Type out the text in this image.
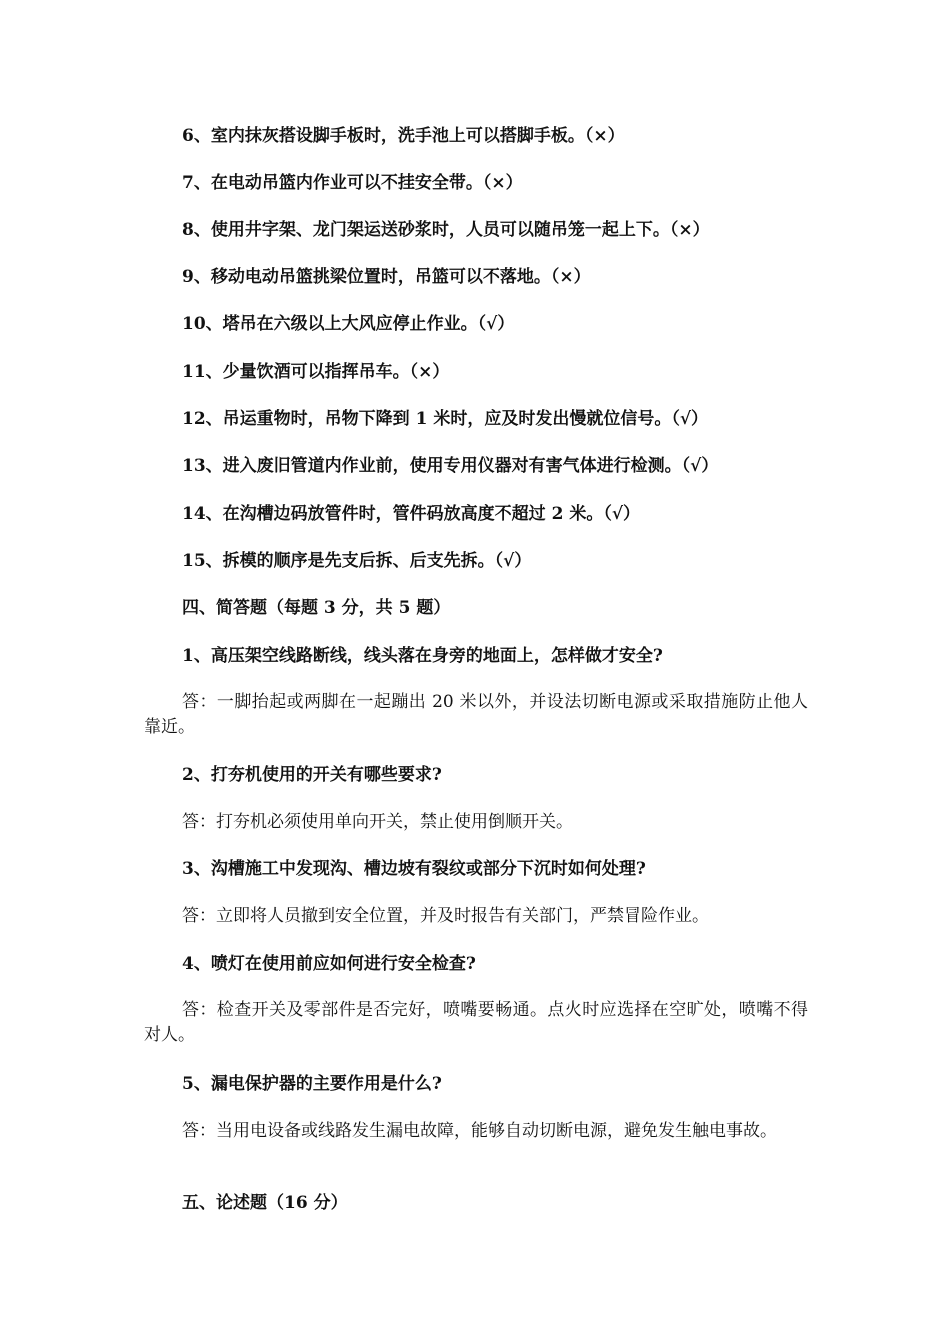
6、室内抹灰搭设脚手板时，洗手池上可以搭脚手板。（×）
7、在电动吊篮内作业可以不挂安全带。（×）
8、使用井字架、龙门架运送砂浆时，人员可以随吊笼一起上下。（×）
9、移动电动吊篮挑梁位置时，吊篮可以不落地。（×）
10、塔吊在六级以上大风应停止作业。（√）
11、少量饮酒可以指挥吊车。（×）
12、吊运重物时，吊物下降到 1 米时，应及时发出慢就位信号。（√）
13、进入废旧管道内作业前，使用专用仪器对有害气体进行检测。（√）
14、在沟槽边码放管件时，管件码放高度不超过 2 米。（√）
15、拆模的顺序是先支后拆、后支先拆。（√）
四、简答题（每题 3 分，共 5 题）
1、高压架空线路断线，线头落在身旁的地面上，怎样做才安全?
答：一脚抬起或两脚在一起蹦出 20 米以外，并设法切断电源或采取措施防止他人靠近。
2、打夯机使用的开关有哪些要求?
答：打夯机必须使用单向开关，禁止使用倒顺开关。
3、沟槽施工中发现沟、槽边坡有裂纹或部分下沉时如何处理?
答：立即将人员撤到安全位置，并及时报告有关部门，严禁冒险作业。
4、喷灯在使用前应如何进行安全检查?
答：检查开关及零部件是否完好，喷嘴要畅通。点火时应选择在空旷处，喷嘴不得对人。
5、漏电保护器的主要作用是什么?
答：当用电设备或线路发生漏电故障，能够自动切断电源，避免发生触电事故。
五、论述题（16 分）
